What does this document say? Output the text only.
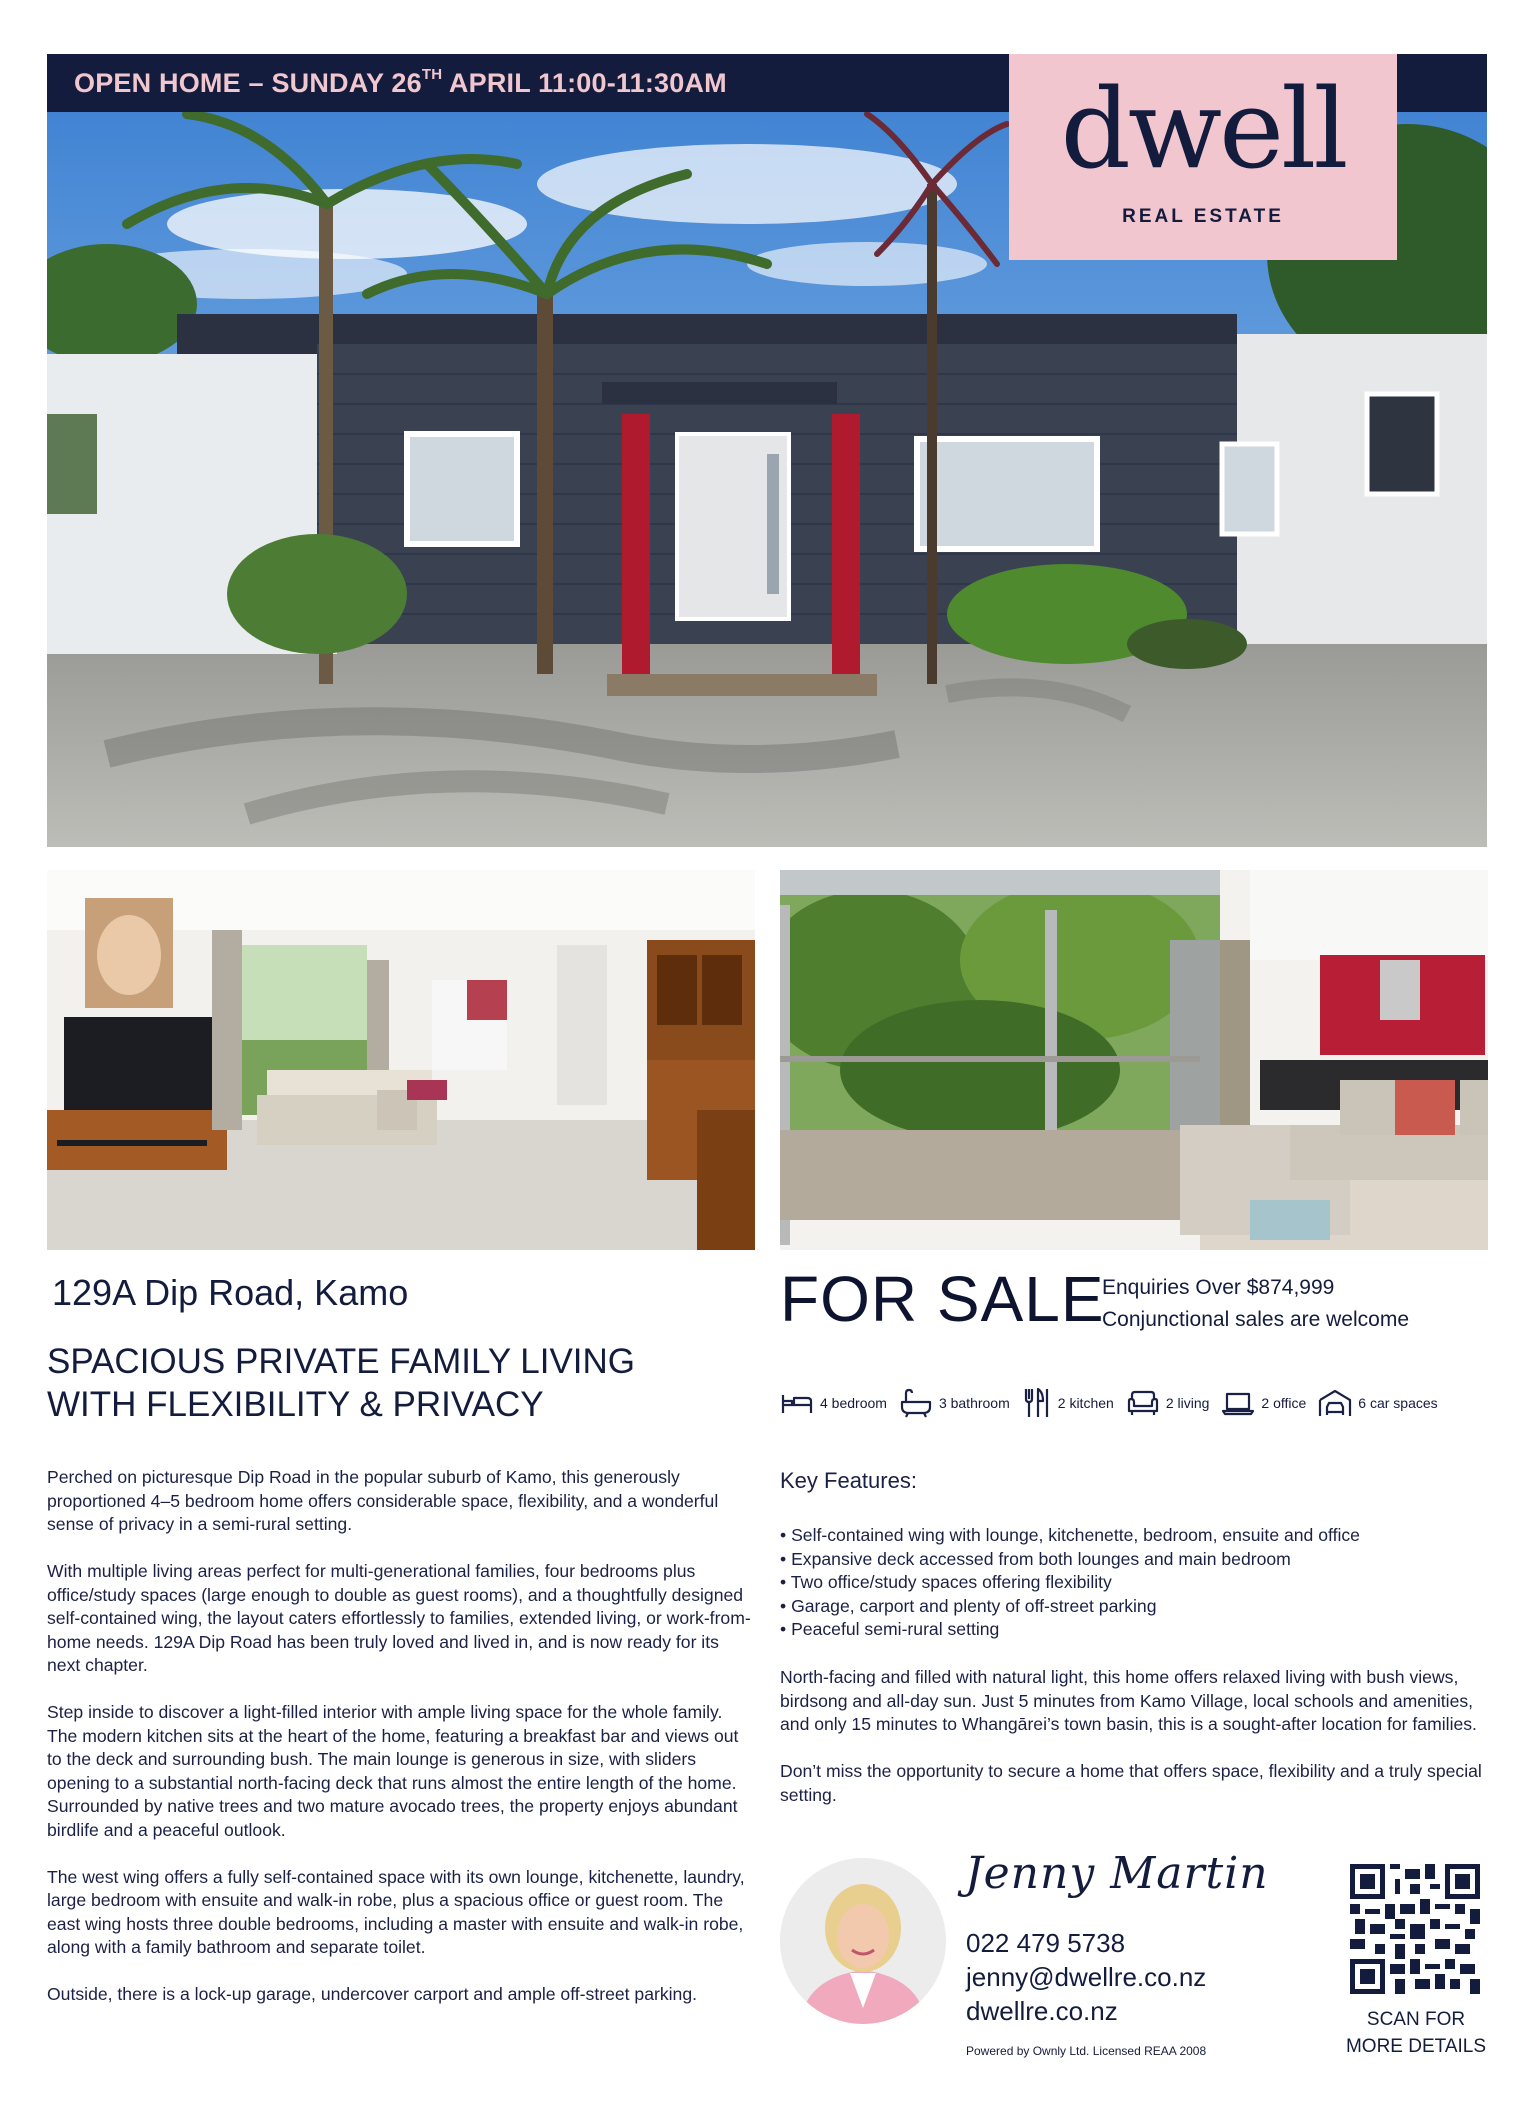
OPEN HOME – SUNDAY 26TH APRIL 11:00-11:30AM	dwell
REAL ESTATE
129A Dip Road, Kamo
SPACIOUS PRIVATE FAMILY LIVING
WITH FLEXIBILITY & PRIVACY
FOR SALE
Enquiries Over $874,999
Conjunctional sales are welcome
4 bedroom	3 bathroom	2 kitchen	2 living	2 office	6 car spaces

Perched on picturesque Dip Road in the popular suburb of Kamo, this generously proportioned 4–5 bedroom home offers considerable space, flexibility, and a wonderful sense of privacy in a semi-rural setting.

With multiple living areas perfect for multi-generational families, four bedrooms plus office/study spaces (large enough to double as guest rooms), and a thoughtfully designed self-contained wing, the layout caters effortlessly to families, extended living, or work-from-home needs. 129A Dip Road has been truly loved and lived in, and is now ready for its next chapter.

Step inside to discover a light-filled interior with ample living space for the whole family. The modern kitchen sits at the heart of the home, featuring a breakfast bar and views out to the deck and surrounding bush. The main lounge is generous in size, with sliders opening to a substantial north-facing deck that runs almost the entire length of the home. Surrounded by native trees and two mature avocado trees, the property enjoys abundant birdlife and a peaceful outlook.

The west wing offers a fully self-contained space with its own lounge, kitchenette, laundry, large bedroom with ensuite and walk-in robe, plus a spacious office or guest room. The east wing hosts three double bedrooms, including a master with ensuite and walk-in robe, along with a family bathroom and separate toilet.

Outside, there is a lock-up garage, undercover carport and ample off-street parking.

Key Features:
• Self-contained wing with lounge, kitchenette, bedroom, ensuite and office
• Expansive deck accessed from both lounges and main bedroom
• Two office/study spaces offering flexibility
• Garage, carport and plenty of off-street parking
• Peaceful semi-rural setting

North-facing and filled with natural light, this home offers relaxed living with bush views, birdsong and all-day sun. Just 5 minutes from Kamo Village, local schools and amenities, and only 15 minutes to Whangārei’s town basin, this is a sought-after location for families.

Don’t miss the opportunity to secure a home that offers space, flexibility and a truly special setting.

Jenny Martin
022 479 5738
jenny@dwellre.co.nz
dwellre.co.nz
Powered by Ownly Ltd. Licensed REAA 2008
SCAN FOR
MORE DETAILS
